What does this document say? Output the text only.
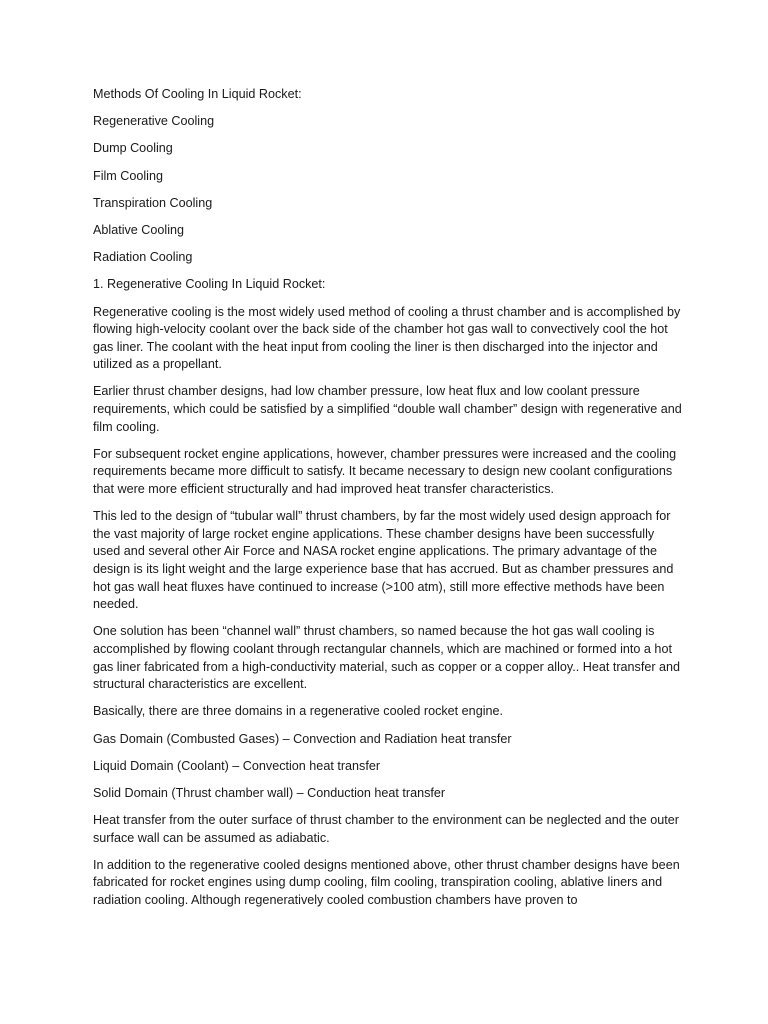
Methods Of Cooling In Liquid Rocket:

Regenerative Cooling

Dump Cooling

Film Cooling

Transpiration Cooling

Ablative Cooling

Radiation Cooling

1. Regenerative Cooling In Liquid Rocket:

Regenerative cooling is the most widely used method of cooling a thrust chamber and is accomplished by flowing high-velocity coolant over the back side of the chamber hot gas wall to convectively cool the hot gas liner. The coolant with the heat input from cooling the liner is then discharged into the injector and utilized as a propellant.

Earlier thrust chamber designs, had low chamber pressure, low heat flux and low coolant pressure requirements, which could be satisfied by a simplified “double wall chamber” design with regenerative and film cooling.

For subsequent rocket engine applications, however, chamber pressures were increased and the cooling requirements became more difficult to satisfy. It became necessary to design new coolant configurations that were more efficient structurally and had improved heat transfer characteristics.

This led to the design of “tubular wall” thrust chambers, by far the most widely used design approach for the vast majority of large rocket engine applications. These chamber designs have been successfully used and several other Air Force and NASA rocket engine applications. The primary advantage of the design is its light weight and the large experience base that has accrued. But as chamber pressures and hot gas wall heat fluxes have continued to increase (>100 atm), still more effective methods have been needed.

One solution has been “channel wall” thrust chambers, so named because the hot gas wall cooling is accomplished by flowing coolant through rectangular channels, which are machined or formed into a hot gas liner fabricated from a high-conductivity material, such as copper or a copper alloy.. Heat transfer and structural characteristics are excellent.

Basically, there are three domains in a regenerative cooled rocket engine.

Gas Domain (Combusted Gases) – Convection and Radiation heat transfer

Liquid Domain (Coolant) – Convection heat transfer

Solid Domain (Thrust chamber wall) – Conduction heat transfer

Heat transfer from the outer surface of thrust chamber to the environment can be neglected and the outer surface wall can be assumed as adiabatic.

In addition to the regenerative cooled designs mentioned above, other thrust chamber designs have been fabricated for rocket engines using dump cooling, film cooling, transpiration cooling, ablative liners and radiation cooling. Although regeneratively cooled combustion chambers have proven to
